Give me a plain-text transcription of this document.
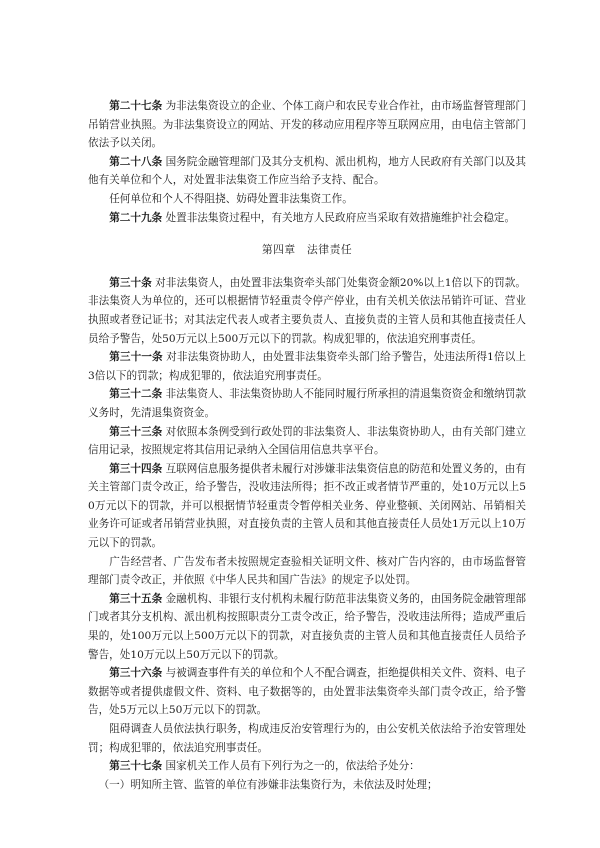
第二十七条 为非法集资设立的企业、个体工商户和农民专业合作社，由市场监督管理部门吊销营业执照。为非法集资设立的网站、开发的移动应用程序等互联网应用，由电信主管部门依法予以关闭。

第二十八条 国务院金融管理部门及其分支机构、派出机构，地方人民政府有关部门以及其他有关单位和个人，对处置非法集资工作应当给予支持、配合。

任何单位和个人不得阻挠、妨碍处置非法集资工作。

第二十九条 处置非法集资过程中，有关地方人民政府应当采取有效措施维护社会稳定。

第四章　法律责任

第三十条 对非法集资人，由处置非法集资牵头部门处集资金额20%以上1倍以下的罚款。非法集资人为单位的，还可以根据情节轻重责令停产停业，由有关机关依法吊销许可证、营业执照或者登记证书；对其法定代表人或者主要负责人、直接负责的主管人员和其他直接责任人员给予警告，处50万元以上500万元以下的罚款。构成犯罪的，依法追究刑事责任。

第三十一条 对非法集资协助人，由处置非法集资牵头部门给予警告，处违法所得1倍以上3倍以下的罚款；构成犯罪的，依法追究刑事责任。

第三十二条 非法集资人、非法集资协助人不能同时履行所承担的清退集资资金和缴纳罚款义务时，先清退集资资金。

第三十三条 对依照本条例受到行政处罚的非法集资人、非法集资协助人，由有关部门建立信用记录，按照规定将其信用记录纳入全国信用信息共享平台。

第三十四条 互联网信息服务提供者未履行对涉嫌非法集资信息的防范和处置义务的，由有关主管部门责令改正，给予警告，没收违法所得；拒不改正或者情节严重的，处10万元以上50万元以下的罚款，并可以根据情节轻重责令暂停相关业务、停业整顿、关闭网站、吊销相关业务许可证或者吊销营业执照，对直接负责的主管人员和其他直接责任人员处1万元以上10万元以下的罚款。

广告经营者、广告发布者未按照规定查验相关证明文件、核对广告内容的，由市场监督管理部门责令改正，并依照《中华人民共和国广告法》的规定予以处罚。

第三十五条 金融机构、非银行支付机构未履行防范非法集资义务的，由国务院金融管理部门或者其分支机构、派出机构按照职责分工责令改正，给予警告，没收违法所得；造成严重后果的，处100万元以上500万元以下的罚款，对直接负责的主管人员和其他直接责任人员给予警告，处10万元以上50万元以下的罚款。

第三十六条 与被调查事件有关的单位和个人不配合调查，拒绝提供相关文件、资料、电子数据等或者提供虚假文件、资料、电子数据等的，由处置非法集资牵头部门责令改正，给予警告，处5万元以上50万元以下的罚款。

阻碍调查人员依法执行职务，构成违反治安管理行为的，由公安机关依法给予治安管理处罚；构成犯罪的，依法追究刑事责任。

第三十七条 国家机关工作人员有下列行为之一的，依法给予处分：

（一）明知所主管、监管的单位有涉嫌非法集资行为，未依法及时处理；
